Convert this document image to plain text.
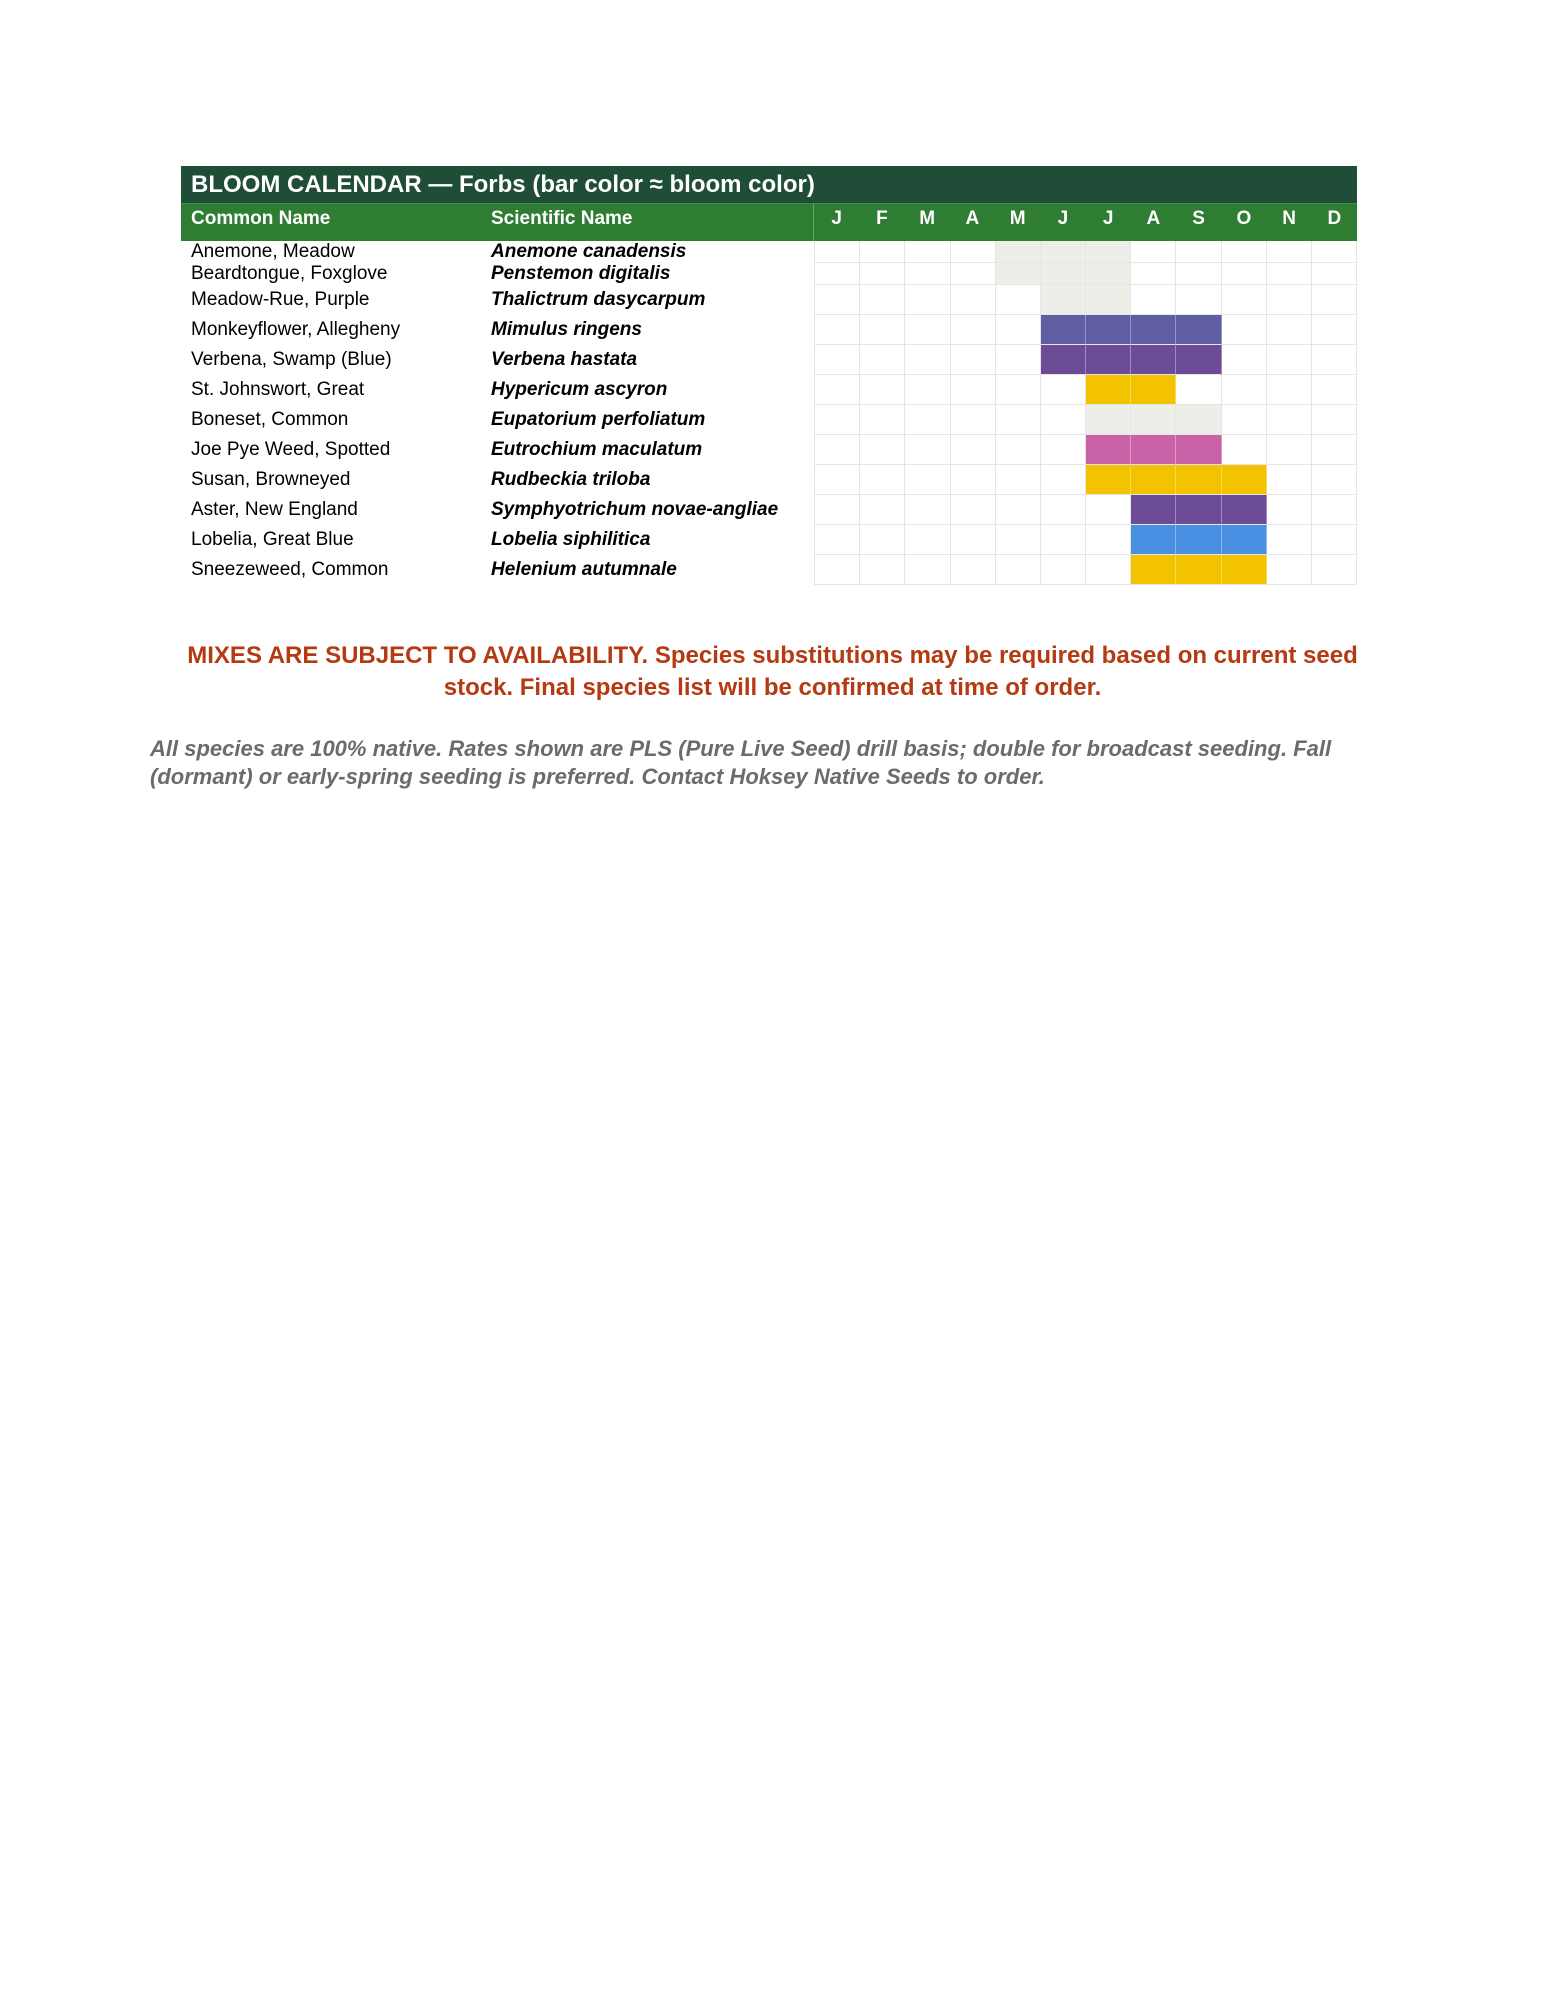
BLOOM CALENDAR — Forbs (bar color ≈ bloom color)
Common Name	Scientific Name	J	F	M	A	M	J	J	A	S	O	N	D
Anemone, Meadow	Anemone canadensis
Beardtongue, Foxglove	Penstemon digitalis
Meadow-Rue, Purple	Thalictrum dasycarpum
Monkeyflower, Allegheny	Mimulus ringens
Verbena, Swamp (Blue)	Verbena hastata
St. Johnswort, Great	Hypericum ascyron
Boneset, Common	Eupatorium perfoliatum
Joe Pye Weed, Spotted	Eutrochium maculatum
Susan, Browneyed	Rudbeckia triloba
Aster, New England	Symphyotrichum novae-angliae
Lobelia, Great Blue	Lobelia siphilitica
Sneezeweed, Common	Helenium autumnale
MIXES ARE SUBJECT TO AVAILABILITY. Species substitutions may be required based on current seed stock. Final species list will be confirmed at time of order.
All species are 100% native. Rates shown are PLS (Pure Live Seed) drill basis; double for broadcast seeding. Fall (dormant) or early-spring seeding is preferred. Contact Hoksey Native Seeds to order.
